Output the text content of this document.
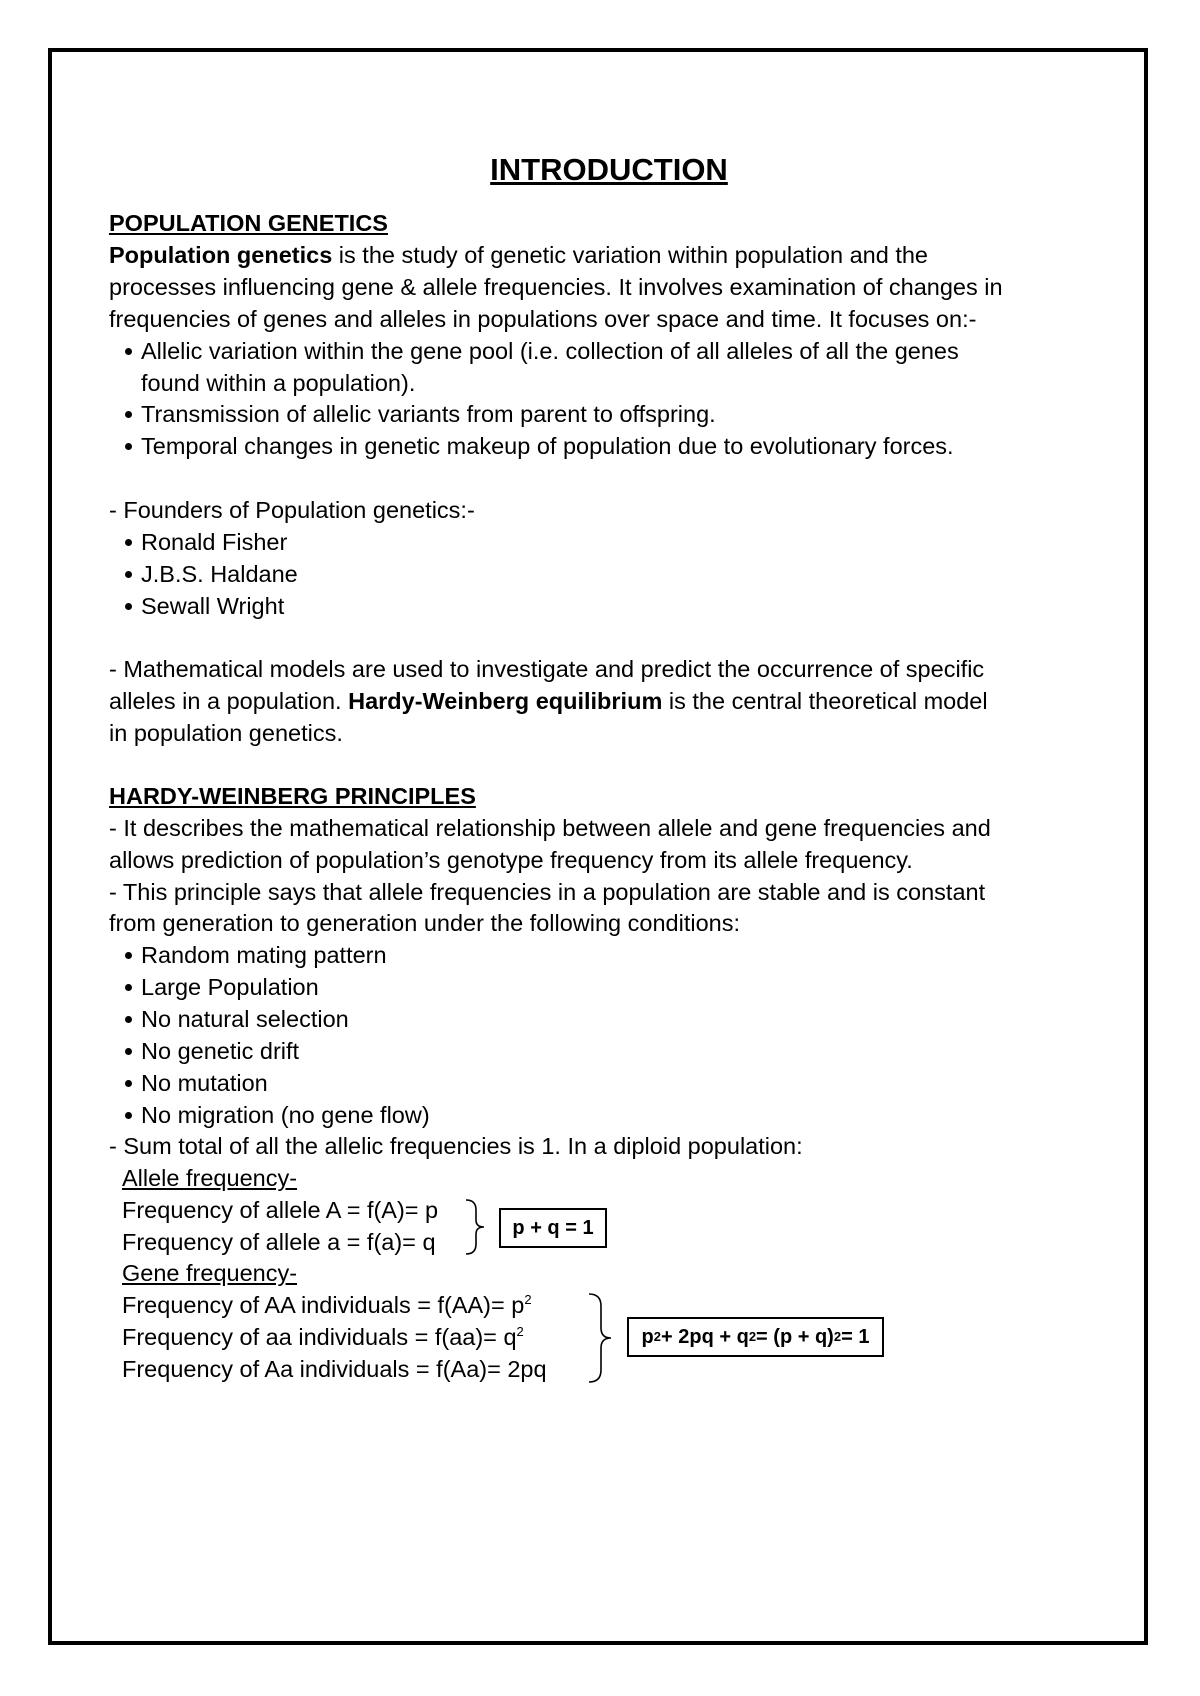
INTRODUCTION
POPULATION GENETICS
Population genetics is the study of genetic variation within population and the
processes influencing gene & allele frequencies. It involves examination of changes in
frequencies of genes and alleles in populations over space and time. It focuses on:-
Allelic variation within the gene pool (i.e. collection of all alleles of all the genes
found within a population).
Transmission of allelic variants from parent to offspring.
Temporal changes in genetic makeup of population due to evolutionary forces.
- Founders of Population genetics:-
Ronald Fisher
J.B.S. Haldane
Sewall Wright
- Mathematical models are used to investigate and predict the occurrence of specific
alleles in a population. Hardy-Weinberg equilibrium is the central theoretical model
in population genetics.
HARDY-WEINBERG PRINCIPLES
- It describes the mathematical relationship between allele and gene frequencies and
allows prediction of population’s genotype frequency from its allele frequency.
- This principle says that allele frequencies in a population are stable and is constant
from generation to generation under the following conditions:
Random mating pattern
Large Population
No natural selection
No genetic drift
No mutation
No migration (no gene flow)
- Sum total of all the allelic frequencies is 1. In a diploid population:
Allele frequency-
Frequency of allele A = f(A)= p
Frequency of allele a = f(a)= q
p + q = 1
Gene frequency-
Frequency of AA individuals = $f(AA)= p^2$
Frequency of aa individuals = $f(aa)= q^2$
Frequency of Aa individuals = f(Aa)= 2pq
p 2 + 2pq + q 2 = (p + q) 2 = 1
